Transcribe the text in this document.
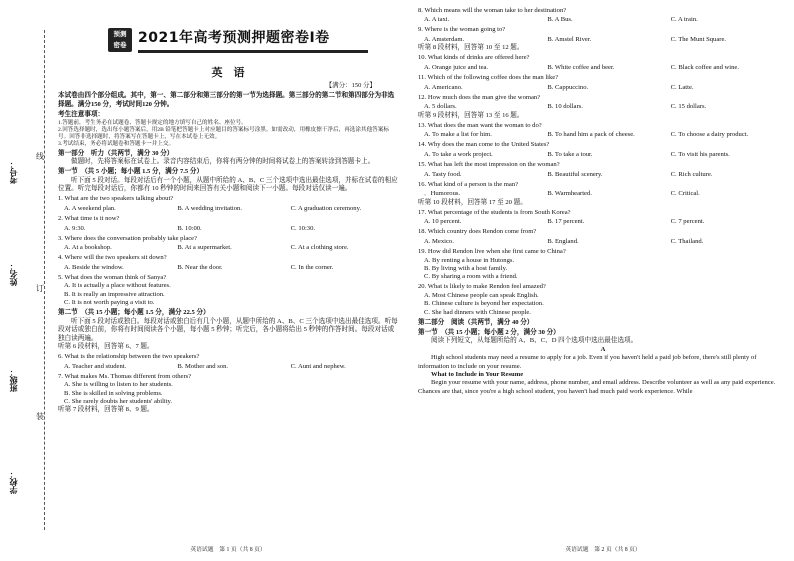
考号：
姓名：
班级：
学校：
线
订
装
预测
密卷 2021年高考预测押题密卷Ⅰ卷
英　语
【满分：150 分】

本试卷由四个部分组成。其中，第一、第二部分和第三部分的第一节为选择题。第三部分的第二节和第四部分为非选择题。满分150 分，考试时间120 分钟。

考生注意事项：

1.答题前，考生务必在试题卷、答题卡规定的地方填写自己的姓名、座位号。

2.回答选择题时，选出每小题答案后，用2B 铅笔把答题卡上对应题目的答案标号涂黑。如需改动，用橡皮擦干净后，再选涂其他答案标号。回答非选择题时，将答案写在答题卡上，写在本试卷上无效。

3.考试结束，务必将试题卷和答题卡一并上交。

第一部分　听力（共两节，满分 30 分）

做题时，先将答案标在试卷上。录音内容结束后，你将有两分钟的时间将试卷上的答案转涂到答题卡上。

第一节　（共 5 小题；每小题 1.5 分，满分 7.5 分）

听下面 5 段对话。每段对话后有一个小题，从题中所给的 A、B、C 三个选项中选出最佳选项，并标在试卷的相应位置。听完每段对话后，你都有 10 秒钟的时间来回答有关小题和阅读下一小题。每段对话仅读一遍。

1. What are the two speakers talking about?

A. A weekend plan.	B. A wedding invitation.	C. A graduation ceremony.

2. What time is it now?

A. 9:30.	B. 10:00.	C. 10:30.

3. Where does the conversation probably take place?

A. At a bookshop.	B. At a supermarket.	C. At a clothing store.

4. Where will the two speakers sit down?

A. Beside the window.	B. Near the door.	C. In the corner.

5. What does the woman think of Sanya?

A. It is actually a place without features.

B. It is really an impressive attraction.

C. It is not worth paying a visit to.

第二节　（共 15 小题；每小题 1.5 分，满分 22.5 分）

听下面 5 段对话或独白。每段对话或独白后有几个小题，从题中所给的 A、B、C 三个选项中选出最佳选项。听每段对话或独白前，你将有时间阅读各个小题，每小题 5 秒钟；听完后，各小题将给出 5 秒钟的作答时间。每段对话或独白读两遍。

听第 6 段材料，回答第 6、7 题。

6. What is the relationship between the two speakers?

A. Teacher and student.	B. Mother and son.	C. Aunt and nephew.

7. What makes Ms. Thomas different from others?

A. She is willing to listen to her students.

B. She is skilled in solving problems.

C. She rarely doubts her students' ability.

听第 7 段材料，回答第 8、9 题。

英语试题　第 1 页（共 8 页）

8. Which means will the woman take to her destination?

A. A taxi.	B. A Bus.	C. A train.

9. Where is the woman going to?

A. Amsterdam.	B. Amstel River.	C. The Munt Square.

听第 8 段材料，回答第 10 至 12 题。

10. What kinds of drinks are offered here?

A. Orange juice and tea.	B. White coffee and beer.	C. Black coffee and wine.

11. Which of the following coffee does the man like?

A. Americano.	B. Cappuccino.	C. Latte.

12. How much does the man give the woman?

A. 5 dollars.	B. 10 dollars.	C. 15 dollars.

听第 9 段材料，回答第 13 至 16 题。

13. What does the man want the woman to do?

A. To make a list for him.	B. To hand him a pack of cheese.	C. To choose a dairy product.

14. Why does the man come to the United States?

A. To take a work project.	B. To take a tour.	C. To visit his parents.

15. What has left the most impression on the woman?

A. Tasty food.	B. Beautiful scenery.	C. Rich culture.

16. What kind of a person is the man?

．Humorous.	B. Warmhearted.	C. Critical.

听第 10 段材料，回答第 17 至 20 题。

17. What percentage of the students is from South Korea?

A. 10 percent.	B. 17 percent.	C. 7 percent.

18. Which country does Rendon come from?

A. Mexico.	B. England.	C. Thailand.

19. How did Rendon live when she first came to China?

A. By renting a house in Hutongs.

B. By living with a host family.

C. By sharing a room with a friend.

20. What is likely to make Rendon feel amazed?

A. Most Chinese people can speak English.

B. Chinese culture is beyond her expectation.

C. She had dinners with Chinese people.

第二部分　阅读（共两节，满分 40 分）

第一节　（共 15 小题；每小题 2 分，满分 30 分）

阅读下列短文，从每题所给的 A、B、C、D 四个选项中选出最佳选项。

A

High school students may need a resume to apply for a job. Even if you haven't held a paid job before, there's still plenty of information to include on your resume.

What to Include in Your Resume

Begin your resume with your name, address, phone number, and email address. Describe volunteer as well as any paid experience. Chances are that, since you're a high school student, you haven't had much paid work experience. While

英语试题　第 2 页（共 8 页）
